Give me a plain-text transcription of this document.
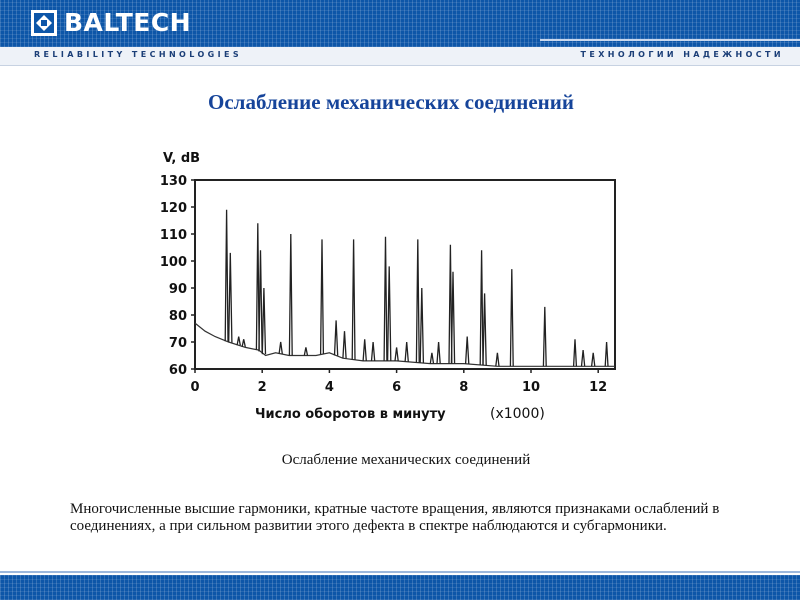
BALTECH
RELIABILITY TECHNOLOGIES	ТЕХНОЛОГИИ НАДЕЖНОСТИ
Ослабление механических соединений
V, dB
Число оборотов в минуту	(x1000)
60
70
80
90
100
110
120
130
0	2	4	6	8	10	12
Ослабление механических соединений
Многочисленные высшие гармоники, кратные частоте вращения, являются признаками ослаблений в соединениях, а при сильном развитии этого дефекта в спектре наблюдаются и субгармоники.
